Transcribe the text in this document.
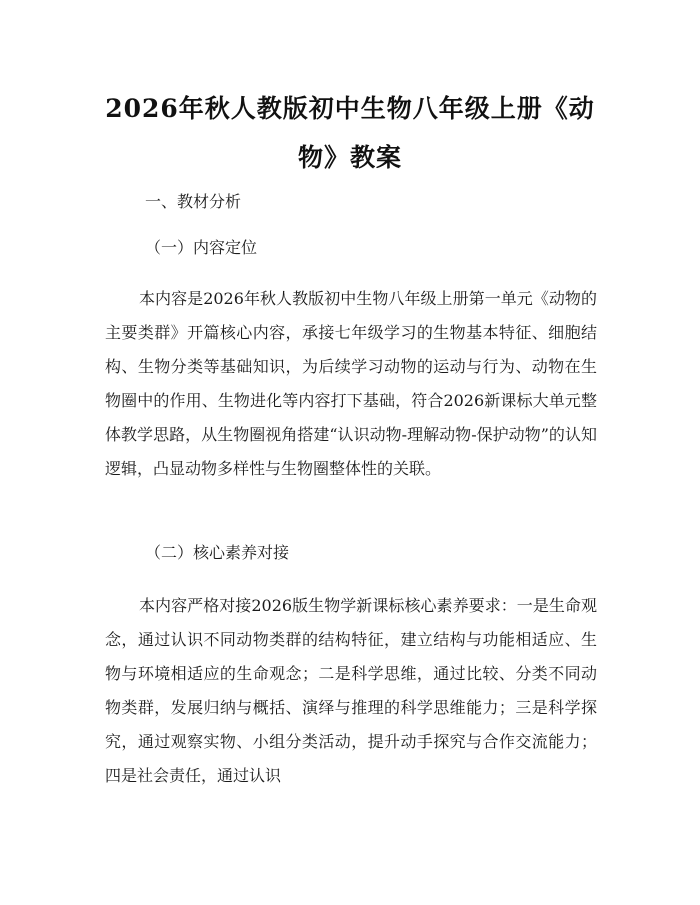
2026年秋人教版初中生物八年级上册《动物》教案
一、教材分析
（一）内容定位

本内容是2026年秋人教版初中生物八年级上册第一单元《动物的主要类群》开篇核心内容，承接七年级学习的生物基本特征、细胞结构、生物分类等基础知识，为后续学习动物的运动与行为、动物在生物圈中的作用、生物进化等内容打下基础，符合2026新课标大单元整体教学思路，从生物圈视角搭建“认识动物-理解动物-保护动物”的认知逻辑，凸显动物多样性与生物圈整体性的关联。

（二）核心素养对接

本内容严格对接2026版生物学新课标核心素养要求：一是生命观念，通过认识不同动物类群的结构特征，建立结构与功能相适应、生物与环境相适应的生命观念；二是科学思维，通过比较、分类不同动物类群，发展归纳与概括、演绎与推理的科学思维能力；三是科学探究，通过观察实物、小组分类活动，提升动手探究与合作交流能力；四是社会责任，通过认识
